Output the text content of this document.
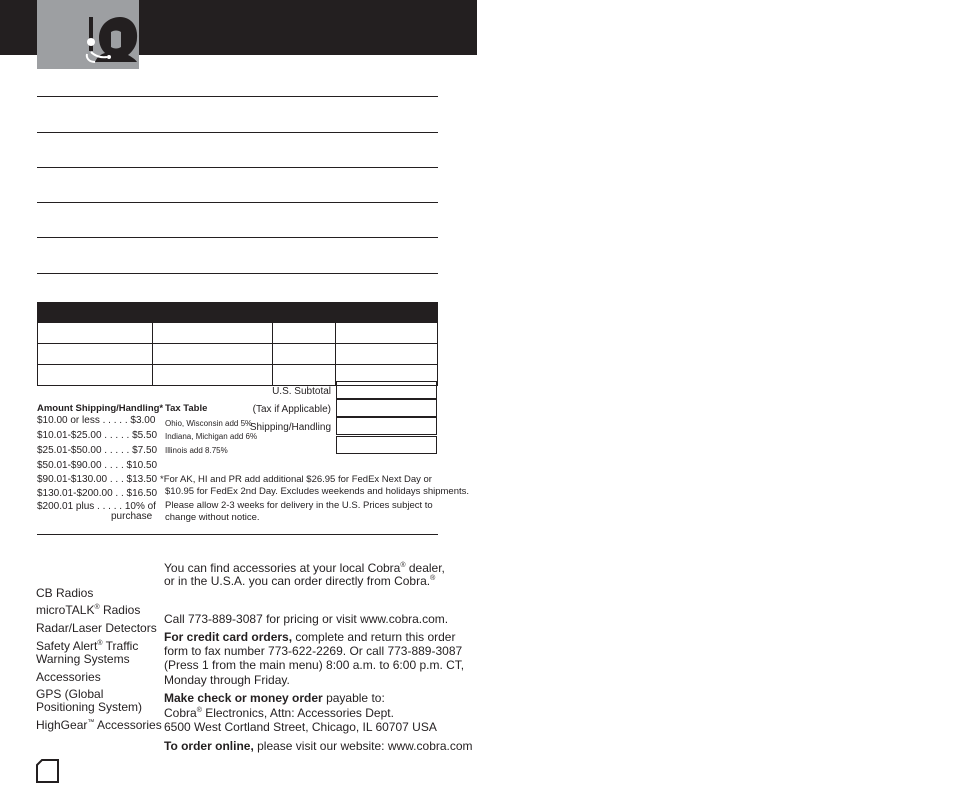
U.S. Subtotal
(Tax if Applicable)
Shipping/Handling
Amount Shipping/Handling*
$10.00 or less . . . . . $3.00
$10.01-$25.00 . . . . . $5.50
$25.01-$50.00 . . . . . $7.50
$50.01-$90.00 . . . . $10.50
$90.01-$130.00 . . . $13.50
$130.01-$200.00 . . $16.50
$200.01 plus . . . . . 10% of
purchase
Tax Table
Ohio, Wisconsin add 5%
Indiana, Michigan add 6%
Illinois add 8.75%
*For AK, HI and PR add additional $26.95 for FedEx Next Day or
$10.95 for FedEx 2nd Day. Excludes weekends and holidays shipments.
Please allow 2-3 weeks for delivery in the U.S. Prices subject to
change without notice.
You can find accessories at your local Cobra® dealer,
or in the U.S.A. you can order directly from Cobra.®
CB Radios
microTALK® Radios
Radar/Laser Detectors
Safety Alert® Traffic
Warning Systems
Accessories
GPS (Global
Positioning System)
HighGear™ Accessories
Call 773-889-3087 for pricing or visit www.cobra.com.
For credit card orders, complete and return this order
form to fax number 773-622-2269. Or call 773-889-3087
(Press 1 from the main menu) 8:00 a.m. to 6:00 p.m. CT,
Monday through Friday.
Make check or money order payable to:
Cobra® Electronics, Attn: Accessories Dept.
6500 West Cortland Street, Chicago, IL 60707 USA
To order online, please visit our website: www.cobra.com
